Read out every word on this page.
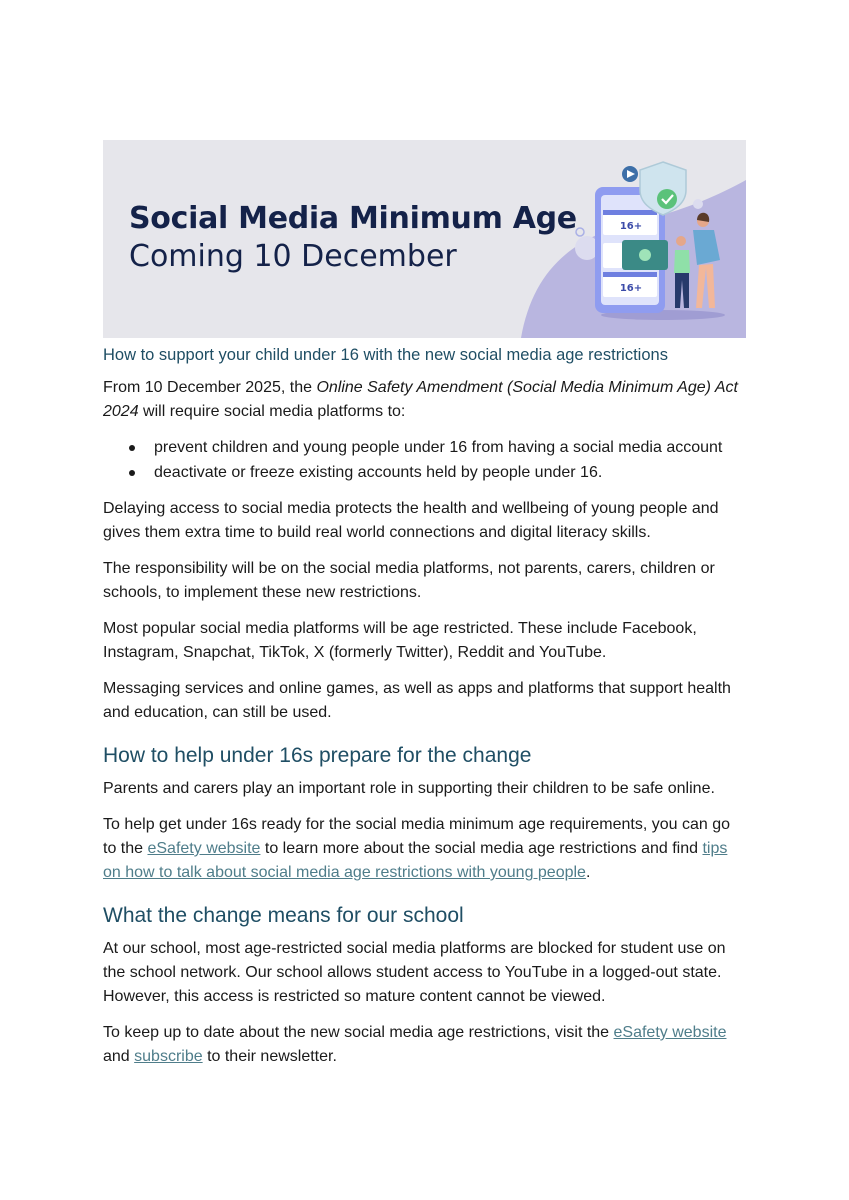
16+
16+
Social Media Minimum Age
Coming 10 December
How to support your child under 16 with the new social media age restrictions

From 10 December 2025, the Online Safety Amendment (Social Media Minimum Age) Act 2024 will require social media platforms to:

prevent children and young people under 16 from having a social media account
deactivate or freeze existing accounts held by people under 16.

Delaying access to social media protects the health and wellbeing of young people and gives them extra time to build real world connections and digital literacy skills.

The responsibility will be on the social media platforms, not parents, carers, children or schools, to implement these new restrictions.

Most popular social media platforms will be age restricted. These include Facebook, Instagram, Snapchat, TikTok, X (formerly Twitter), Reddit and YouTube.

Messaging services and online games, as well as apps and platforms that support health and education, can still be used.

How to help under 16s prepare for the change

Parents and carers play an important role in supporting their children to be safe online.

To help get under 16s ready for the social media minimum age requirements, you can go to the eSafety website to learn more about the social media age restrictions and find tips on how to talk about social media age restrictions with young people.

What the change means for our school

At our school, most age-restricted social media platforms are blocked for student use on the school network. Our school allows student access to YouTube in a logged-out state. However, this access is restricted so mature content cannot be viewed.

To keep up to date about the new social media age restrictions, visit the eSafety website and subscribe to their newsletter.
